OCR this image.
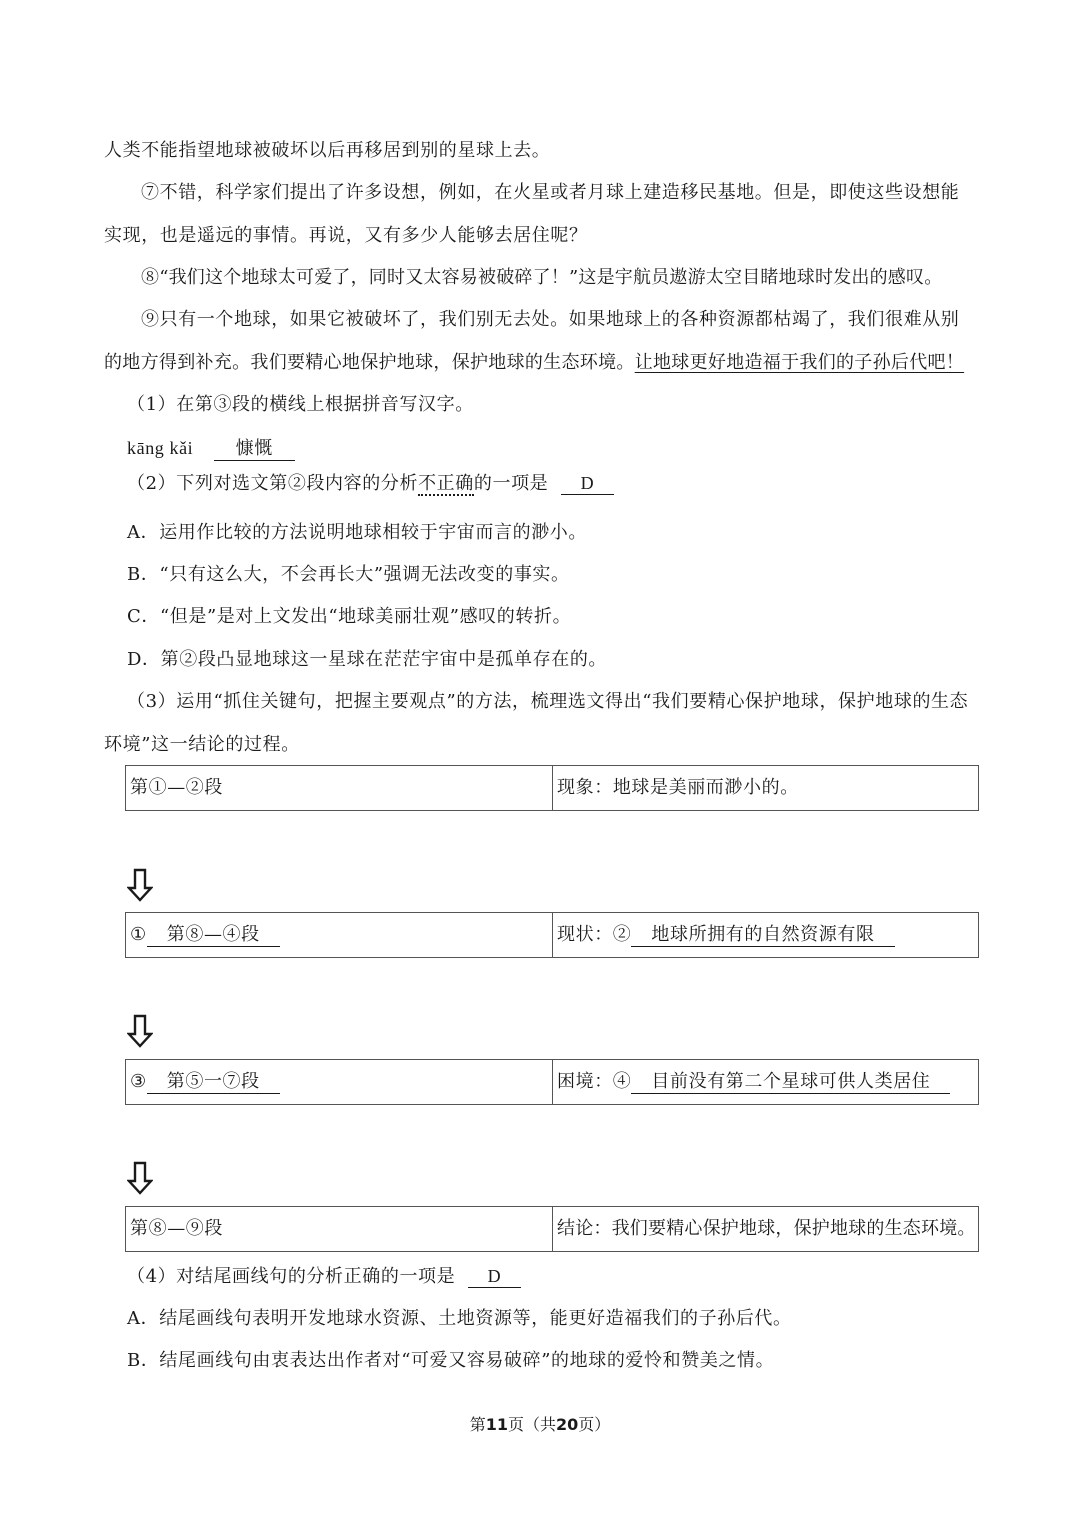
人类不能指望地球被破坏以后再移居到别的星球上去。
⑦不错，科学家们提出了许多设想，例如，在火星或者月球上建造移民基地。但是，即使这些设想能
实现，也是遥远的事情。再说，又有多少人能够去居住呢？
⑧“我们这个地球太可爱了，同时又太容易被破碎了！”这是宇航员遨游太空目睹地球时发出的感叹。
⑨只有一个地球，如果它被破坏了，我们别无去处。如果地球上的各种资源都枯竭了，我们很难从别
的地方得到补充。我们要精心地保护地球，保护地球的生态环境。让地球更好地造福于我们的子孙后代吧！
（1）在第③段的横线上根据拼音写汉字。
kāng kǎi 慷慨
（2）下列对选文第②段内容的分析不正确的一项是 D
A．运用作比较的方法说明地球相较于宇宙而言的渺小。
B．“只有这么大，不会再长大”强调无法改变的事实。
C．“但是”是对上文发出“地球美丽壮观”感叹的转折。
D．第②段凸显地球这一星球在茫茫宇宙中是孤单存在的。
（3）运用“抓住关键句，把握主要观点”的方法，梳理选文得出“我们要精心保护地球，保护地球的生态
环境”这一结论的过程。
第①—②段	现象：地球是美丽而渺小的。
① 第⑧—④段	现状：② 地球所拥有的自然资源有限
③ 第⑤一⑦段	困境：④ 目前没有第二个星球可供人类居住
第⑧—⑨段	结论：我们要精心保护地球，保护地球的生态环境。
（4）对结尾画线句的分析正确的一项是 D
A．结尾画线句表明开发地球水资源、土地资源等，能更好造福我们的子孙后代。
B．结尾画线句由衷表达出作者对“可爱又容易破碎”的地球的爱怜和赞美之情。
第11页（共20页）
